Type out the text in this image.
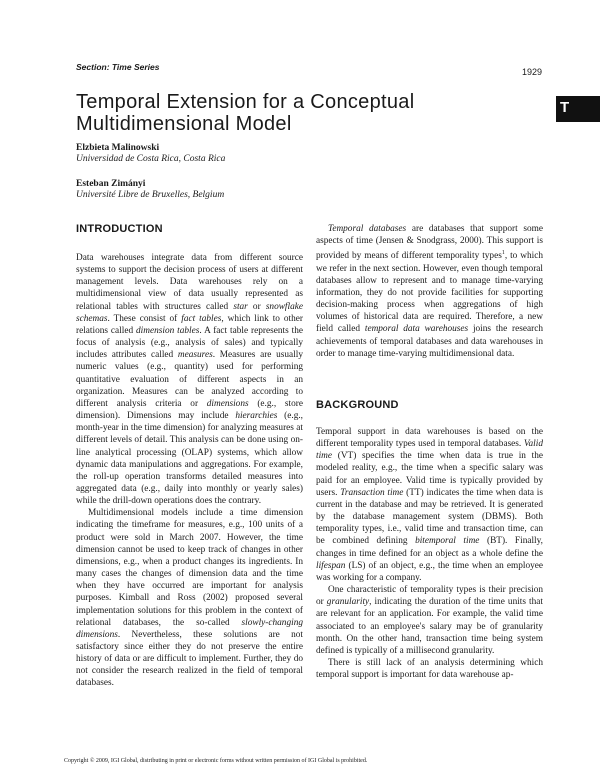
Section: Time Series	1929
T
Temporal Extension for a Conceptual
Multidimensional Model
Elzbieta Malinowski
Universidad de Costa Rica, Costa Rica
Esteban Zimányi
Université Libre de Bruxelles, Belgium
INTRODUCTION

Data warehouses integrate data from different source systems to support the decision process of users at different management levels. Data warehouses rely on a multidimensional view of data usually represented as relational tables with structures called star or snowflake schemas. These consist of fact tables, which link to other relations called dimension tables. A fact table represents the focus of analysis (e.g., analysis of sales) and typically includes attributes called measures. Measures are usually numeric values (e.g., quantity) used for performing quantitative evaluation of different aspects in an organization. Measures can be analyzed according to different analysis criteria or dimensions (e.g., store dimension). Dimensions may include hierarchies (e.g., month-year in the time dimension) for analyzing measures at different levels of detail. This analysis can be done using on-line analytical processing (OLAP) systems, which allow dynamic data manipulations and aggregations. For example, the roll-up operation transforms detailed measures into aggregated data (e.g., daily into monthly or yearly sales) while the drill-down operations does the contrary.

Multidimensional models include a time dimension indicating the timeframe for measures, e.g., 100 units of a product were sold in March 2007. However, the time dimension cannot be used to keep track of changes in other dimensions, e.g., when a product changes its ingredients. In many cases the changes of dimension data and the time when they have occurred are important for analysis purposes. Kimball and Ross (2002) proposed several implementation solutions for this problem in the context of relational databases, the so-called slowly-changing dimensions. Nevertheless, these solutions are not satisfactory since either they do not preserve the entire history of data or are difficult to implement. Further, they do not consider the research realized in the field of temporal databases.

Temporal databases are databases that support some aspects of time (Jensen & Snodgrass, 2000). This support is provided by means of different temporality types$^1$, to which we refer in the next section. However, even though temporal databases allow to represent and to manage time-varying information, they do not provide facilities for supporting decision-making process when aggregations of high volumes of historical data are required. Therefore, a new field called temporal data warehouses joins the research achievements of temporal databases and data warehouses in order to manage time-varying multidimensional data.

BACKGROUND

Temporal support in data warehouses is based on the different temporality types used in temporal databases. Valid time (VT) specifies the time when data is true in the modeled reality, e.g., the time when a specific salary was paid for an employee. Valid time is typically provided by users. Transaction time (TT) indicates the time when data is current in the database and may be retrieved. It is generated by the database management system (DBMS). Both temporality types, i.e., valid time and transaction time, can be combined defining bitemporal time (BT). Finally, changes in time defined for an object as a whole define the lifespan (LS) of an object, e.g., the time when an employee was working for a company.

One characteristic of temporality types is their precision or granularity, indicating the duration of the time units that are relevant for an application. For example, the valid time associated to an employee's salary may be of granularity month. On the other hand, transaction time being system defined is typically of a millisecond granularity.

There is still lack of an analysis determining which temporal support is important for data warehouse ap-

Copyright © 2009, IGI Global, distributing in print or electronic forms without written permission of IGI Global is prohibited.
